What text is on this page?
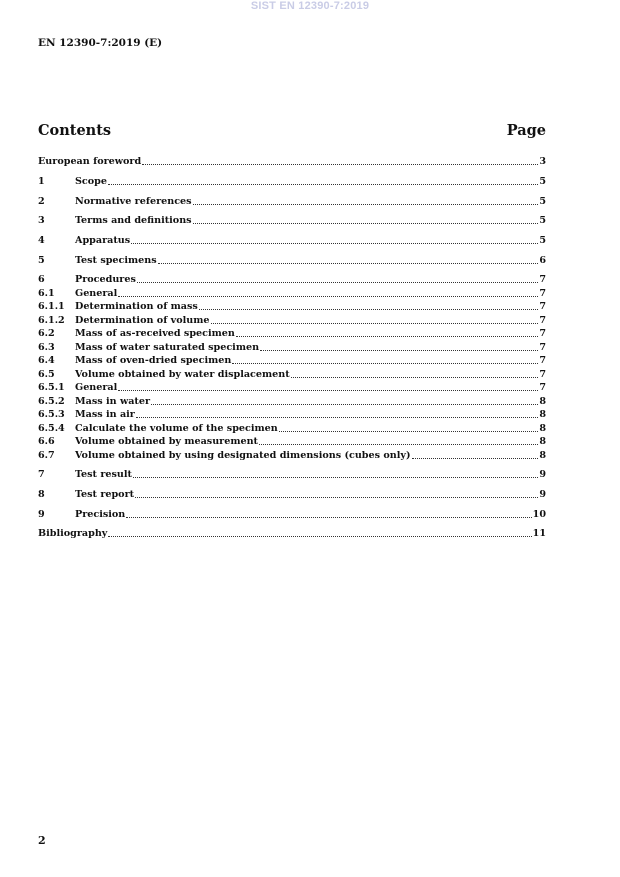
SIST EN 12390-7:2019
EN 12390-7:2019 (E)
Contents	Page
European foreword	3
1	Scope	5
2	Normative references	5
3	Terms and definitions	5
4	Apparatus	5
5	Test specimens	6
6	Procedures	7
6.1	General	7
6.1.1	Determination of mass	7
6.1.2	Determination of volume	7
6.2	Mass of as-received specimen	7
6.3	Mass of water saturated specimen	7
6.4	Mass of oven-dried specimen	7
6.5	Volume obtained by water displacement	7
6.5.1	General	7
6.5.2	Mass in water	8
6.5.3	Mass in air	8
6.5.4	Calculate the volume of the specimen	8
6.6	Volume obtained by measurement	8
6.7	Volume obtained by using designated dimensions (cubes only)	8
7	Test result	9
8	Test report	9
9	Precision	10
Bibliography	11
2
